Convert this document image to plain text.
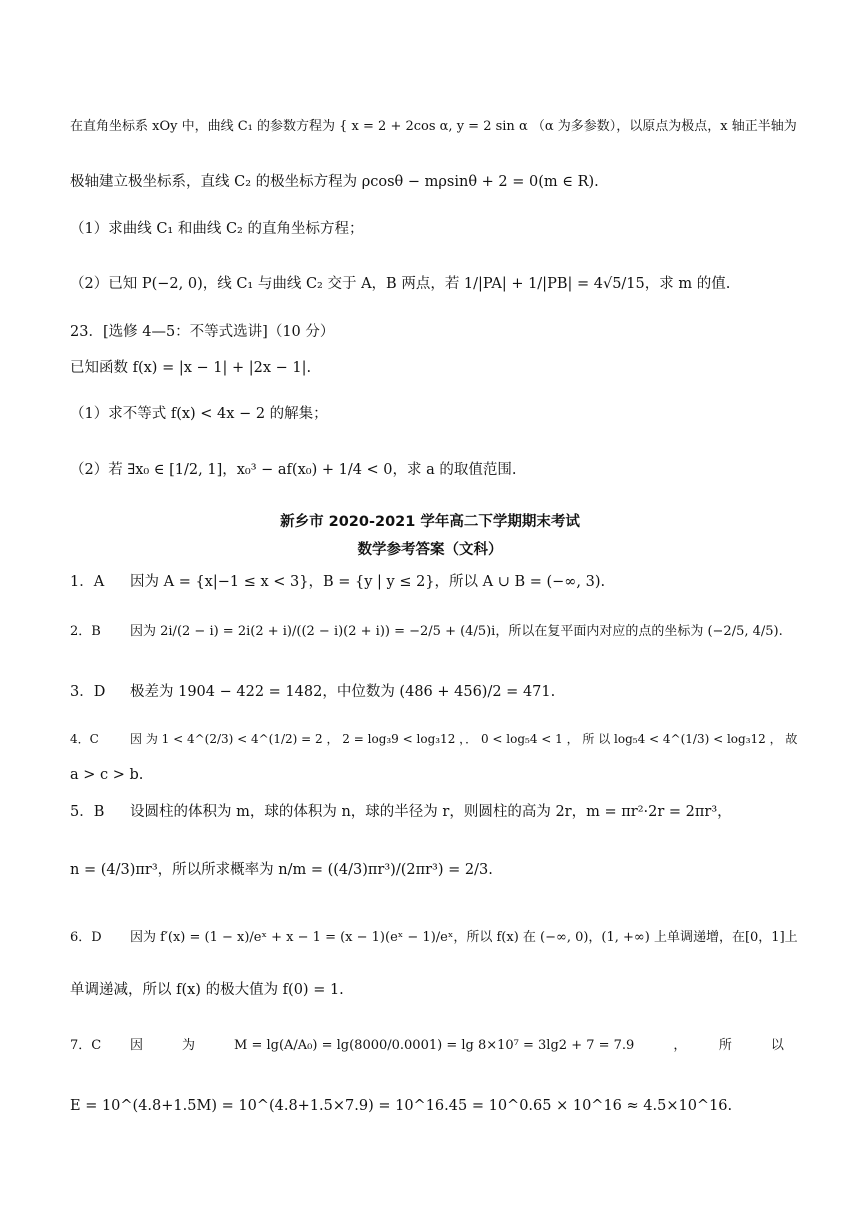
在直角坐标系 xOy 中，曲线 C₁ 的参数方程为 { x = 2 + 2cos α, y = 2 sin α （α 为多参数），以原点为极点，x 轴正半轴为
极轴建立极坐标系，直线 C₂ 的极坐标方程为 ρcosθ − mρsinθ + 2 = 0(m ∈ R).
（1）求曲线 C₁ 和曲线 C₂ 的直角坐标方程；
（2）已知 P(−2, 0)，线 C₁ 与曲线 C₂ 交于 A，B 两点，若 1/|PA| + 1/|PB| = 4√5/15，求 m 的值.
23．[选修 4—5：不等式选讲]（10 分）
已知函数 f(x) = |x − 1| + |2x − 1|.
（1）求不等式 f(x) < 4x − 2 的解集；
（2）若 ∃x₀ ∈ [1/2, 1]，x₀³ − af(x₀) + 1/4 < 0，求 a 的取值范围.
新乡市 2020-2021 学年高二下学期期末考试
数学参考答案（文科）
1．A 因为 A = {x|−1 ≤ x < 3}，B = {y | y ≤ 2}，所以 A ∪ B = (−∞, 3).
2．B 因为 2i/(2 − i) = 2i(2 + i)/((2 − i)(2 + i)) = −2/5 + (4/5)i，所以在复平面内对应的点的坐标为 (−2/5, 4/5).
3．D 极差为 1904 − 422 = 1482，中位数为 (486 + 456)/2 = 471.
4．C	因 为 1 < 4^(2/3) < 4^(1/2) = 2 ， 2 = log₃9 < log₃12 ，． 0 < log₅4 < 1 ， 所 以 log₅4 < 4^(1/3) < log₃12 ， 故
a > c > b.
5．B 设圆柱的体积为 m，球的体积为 n，球的半径为 r，则圆柱的高为 2r，m = πr²·2r = 2πr³，
n = (4/3)πr³，所以所求概率为 n/m = ((4/3)πr³)/(2πr³) = 2/3.
6．D 因为 f′(x) = (1 − x)/eˣ + x − 1 = (x − 1)(eˣ − 1)/eˣ，所以 f(x) 在 (−∞, 0)，(1, +∞) 上单调递增，在[0，1]上
单调递减，所以 f(x) 的极大值为 f(0) = 1.
7．C 因　　　为　　　M = lg(A/A₀) = lg(8000/0.0001) = lg 8×10⁷ = 3lg2 + 7 = 7.9　　　，　　　所　　　以
E = 10^(4.8+1.5M) = 10^(4.8+1.5×7.9) = 10^16.45 = 10^0.65 × 10^16 ≈ 4.5×10^16.
